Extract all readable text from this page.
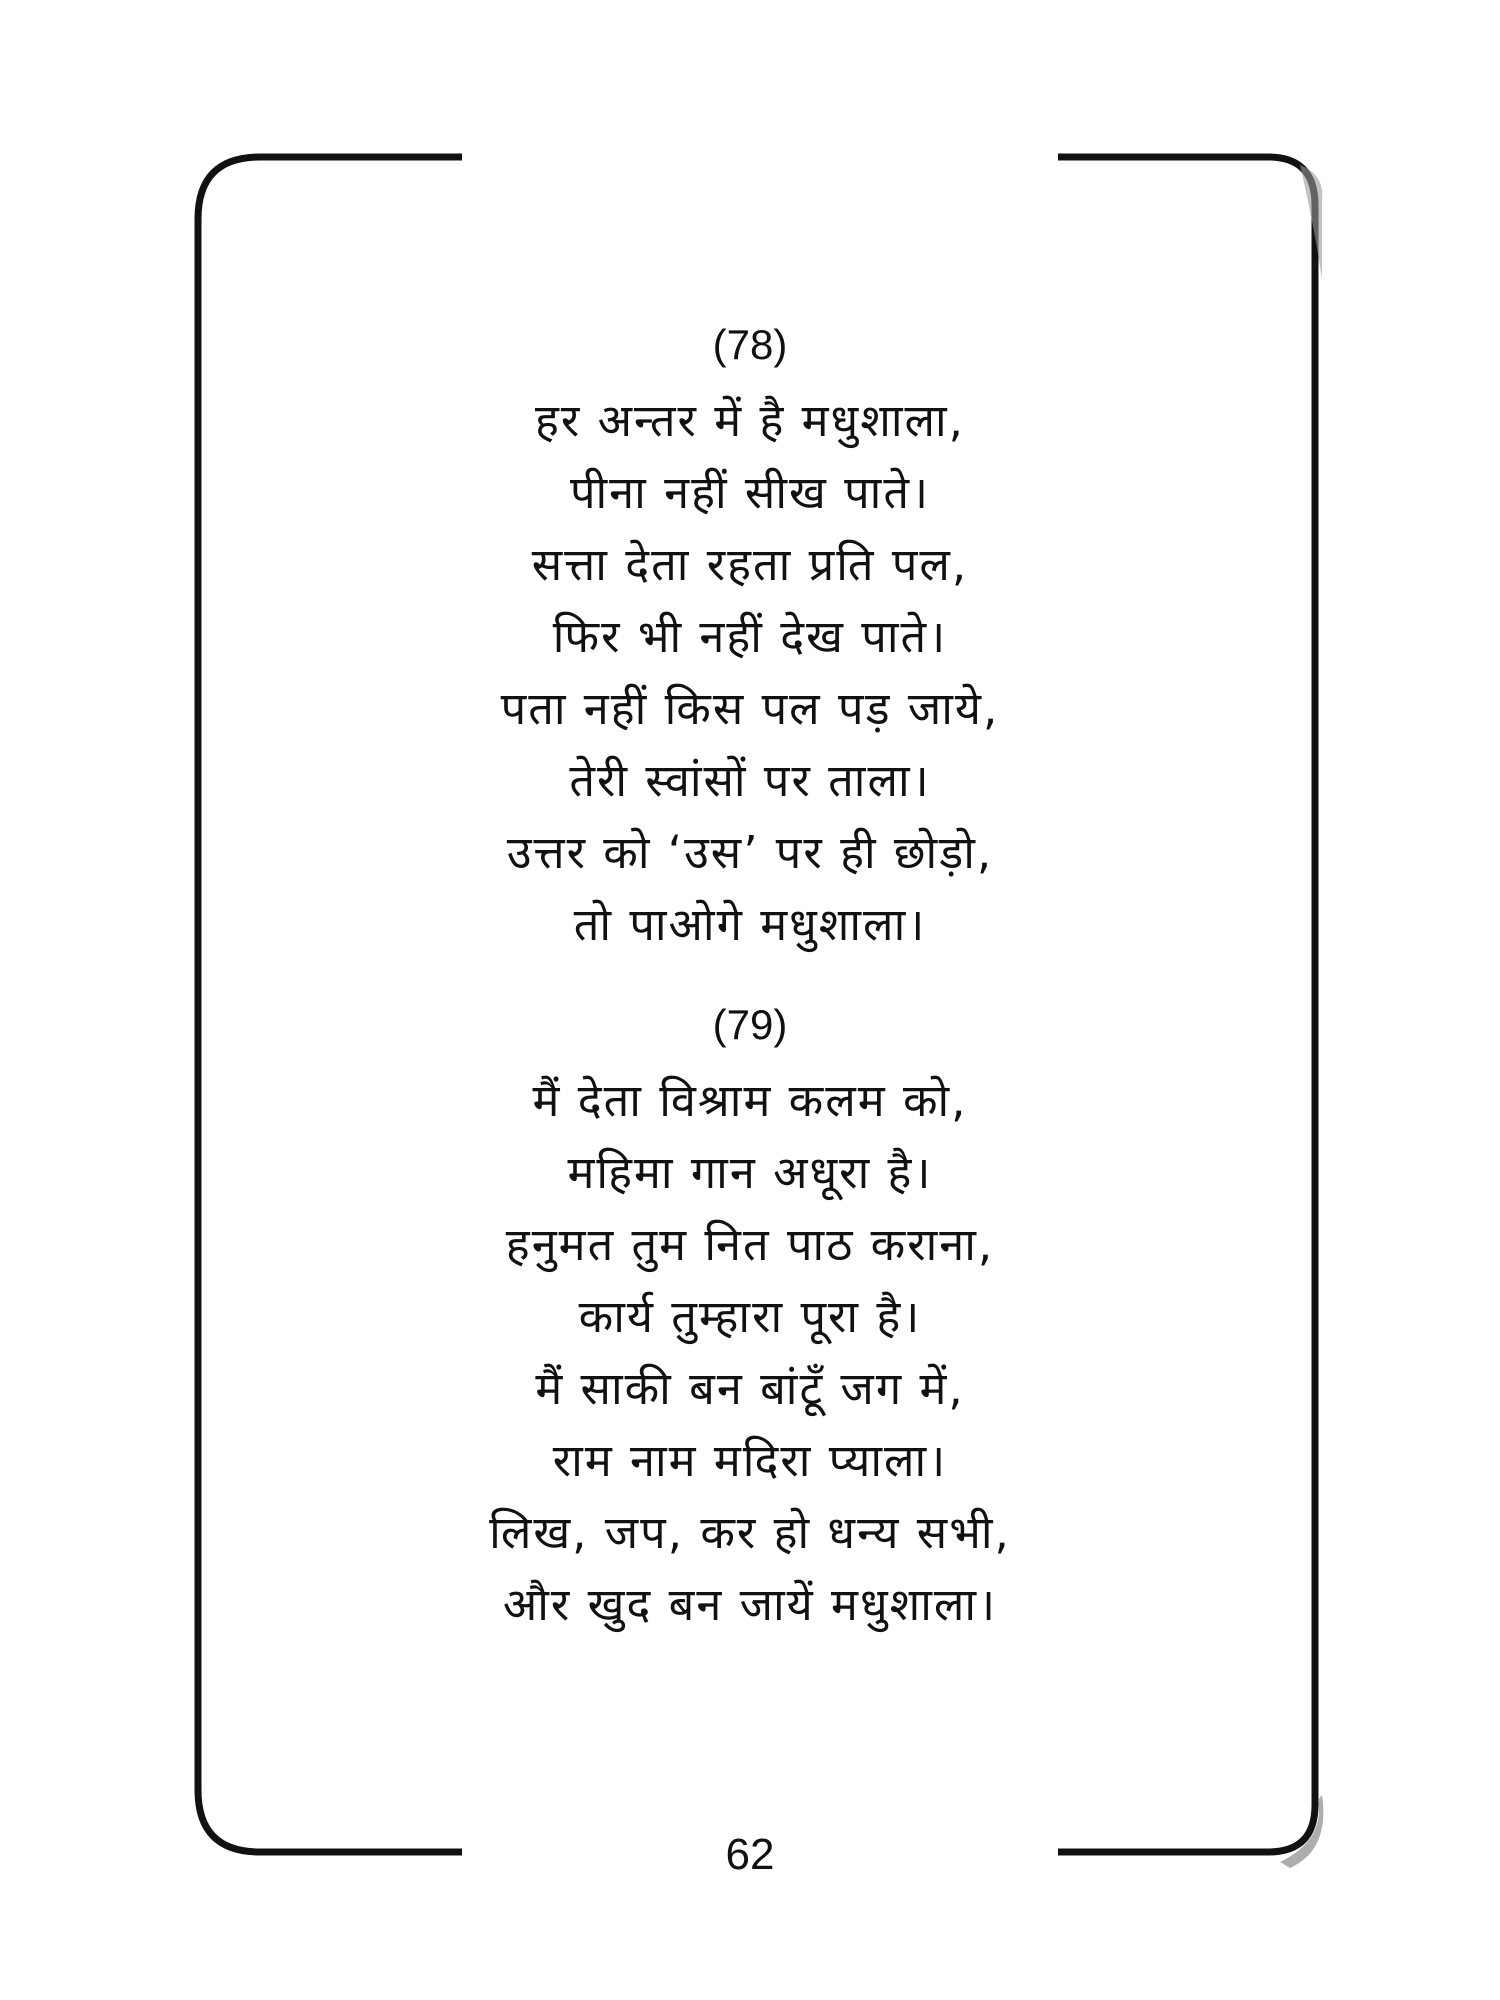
(78)
हर अन्तर में है मधुशाला,
पीना नहीं सीख पाते।
सत्ता देता रहता प्रति पल,
फिर भी नहीं देख पाते।
पता नहीं किस पल पड़ जाये,
तेरी स्वांसों पर ताला।
उत्तर को ‘उस’ पर ही छोड़ो,
तो पाओगे मधुशाला।
(79)
मैं देता विश्राम कलम को,
महिमा गान अधूरा है।
हनुमत तुम नित पाठ कराना,
कार्य तुम्हारा पूरा है।
मैं साकी बन बांटूँ जग में,
राम नाम मदिरा प्याला।
लिख, जप, कर हो धन्य सभी,
और खुद बन जायें मधुशाला।
62
